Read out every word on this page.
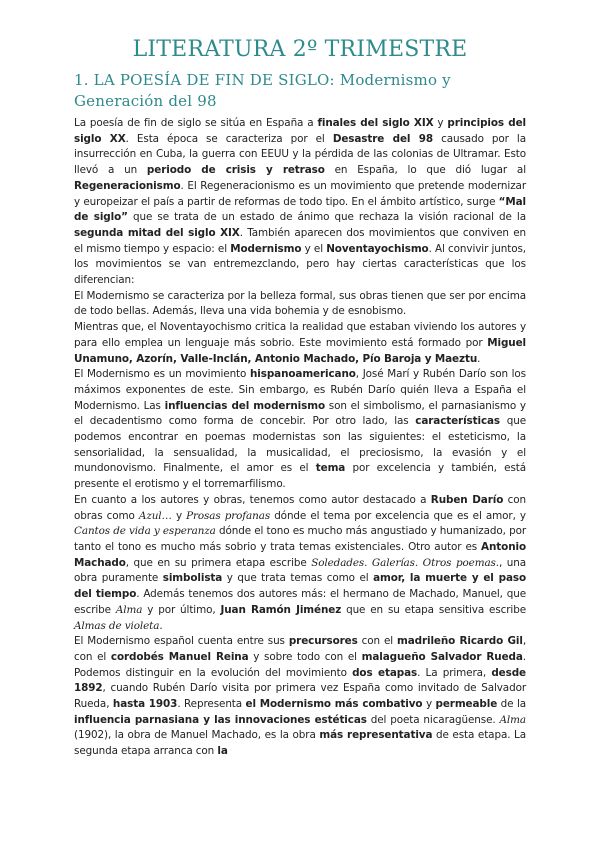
LITERATURA 2º TRIMESTRE
1. LA POESÍA DE FIN DE SIGLO: Modernismo y Generación del 98

La poesía de fin de siglo se sitúa en España a finales del siglo XIX y principios del siglo XX. Esta época se caracteriza por el Desastre del 98 causado por la insurrección en Cuba, la guerra con EEUU y la pérdida de las colonias de Ultramar. Esto llevó a un periodo de crisis y retraso en España, lo que dió lugar al Regeneracionismo. El Regeneracionismo es un movimiento que pretende modernizar y europeizar el país a partir de reformas de todo tipo. En el ámbito artístico, surge “Mal de siglo” que se trata de un estado de ánimo que rechaza la visión racional de la segunda mitad del siglo XIX. También aparecen dos movimientos que conviven en el mismo tiempo y espacio: el Modernismo y el Noventayochismo. Al convivir juntos, los movimientos se van entremezclando, pero hay ciertas características que los diferencian:

El Modernismo se caracteriza por la belleza formal, sus obras tienen que ser por encima de todo bellas. Además, lleva una vida bohemia y de esnobismo.

Mientras que, el Noventayochismo critica la realidad que estaban viviendo los autores y para ello emplea un lenguaje más sobrio. Este movimiento está formado por Miguel Unamuno, Azorín, Valle-Inclán, Antonio Machado, Pío Baroja y Maeztu.

El Modernismo es un movimiento hispanoamericano, José Marí y Rubén Darío son los máximos exponentes de este. Sin embargo, es Rubén Darío quién lleva a España el Modernismo. Las influencias del modernismo son el simbolismo, el parnasianismo y el decadentismo como forma de concebir. Por otro lado, las características que podemos encontrar en poemas modernistas son las siguientes: el esteticismo, la sensorialidad, la sensualidad, la musicalidad, el preciosismo, la evasión y el mundonovismo. Finalmente, el amor es el tema por excelencia y también, está presente el erotismo y el torremarfilismo.

En cuanto a los autores y obras, tenemos como autor destacado a Ruben Darío con obras como Azul… y Prosas profanas dónde el tema por excelencia que es el amor, y Cantos de vida y esperanza dónde el tono es mucho más angustiado y humanizado, por tanto el tono es mucho más sobrio y trata temas existenciales. Otro autor es Antonio Machado, que en su primera etapa escribe Soledades. Galerías. Otros poemas., una obra puramente simbolista y que trata temas como el amor, la muerte y el paso del tiempo. Además tenemos dos autores más: el hermano de Machado, Manuel, que escribe Alma y por último, Juan Ramón Jiménez que en su etapa sensitiva escribe Almas de violeta.

El Modernismo español cuenta entre sus precursores con el madrileño Ricardo Gil, con el cordobés Manuel Reina y sobre todo con el malagueño Salvador Rueda. Podemos distinguir en la evolución del movimiento dos etapas. La primera, desde 1892, cuando Rubén Darío visita por primera vez España como invitado de Salvador Rueda, hasta 1903. Representa el Modernismo más combativo y permeable de la influencia parnasiana y las innovaciones estéticas del poeta nicaragüense. Alma (1902), la obra de Manuel Machado, es la obra más representativa de esta etapa. La segunda etapa arranca con la
